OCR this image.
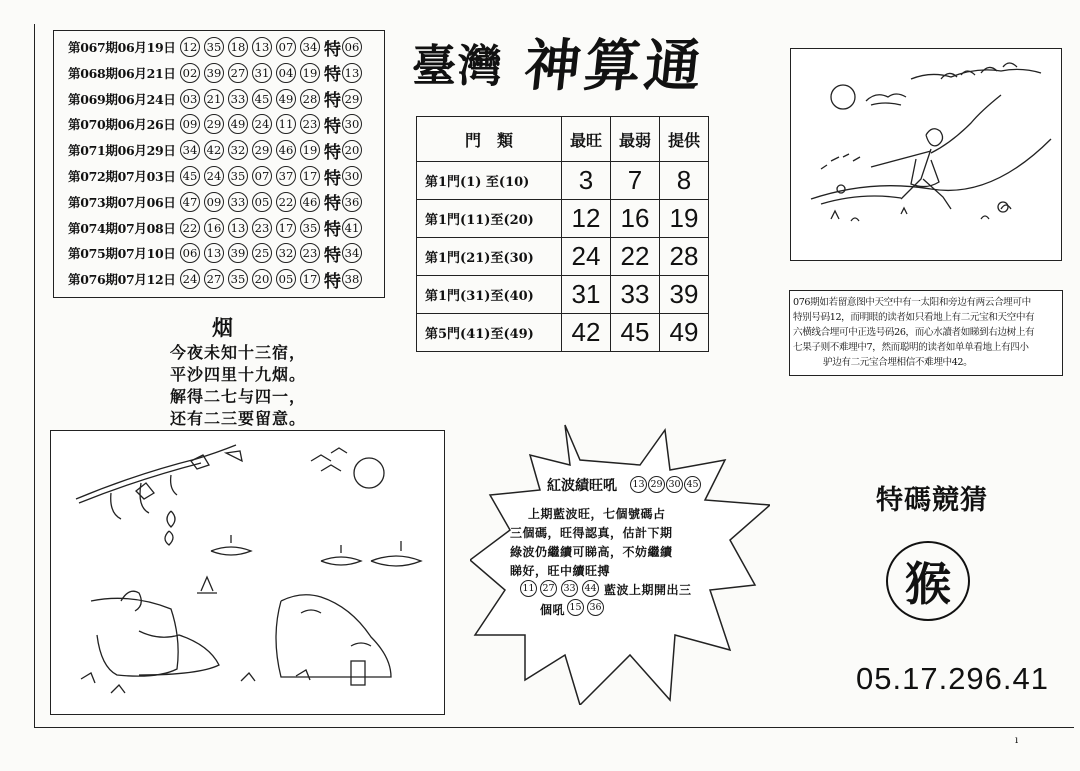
第067期06月19日 12 35 18 13 07 34 特 06
第068期06月21日 02 39 27 31 04 19 特 13
第069期06月24日 03 21 33 45 49 28 特 29
第070期06月26日 09 29 49 24 11 23 特 30
第071期06月29日 34 42 32 29 46 19 特 20
第072期07月03日 45 24 35 07 37 17 特 30
第073期07月06日 47 09 33 05 22 46 特 36
第074期07月08日 22 16 13 23 17 35 特 41
第075期07月10日 06 13 39 25 32 23 特 34
第076期07月12日 24 27 35 20 05 17 特 38
臺灣 神算通
門　類	最旺	最弱	提供
第1門(1) 至(10)	3	7	8
第1門(11)至(20)	12	16	19
第1門(21)至(30)	24	22	28
第1門(31)至(40)	31	33	39
第5門(41)至(49)	42	45	49
烟
今夜未知十三宿，
平沙四里十九烟。
解得二七与四一，
还有二三要留意。
076期如若留意图中天空中有一太阳和旁边有两云合埋可中
特别号码12，而明眼的读者如只看地上有二元宝和天空中有
六横线合埋可中正选号码26，而心水讀者如睇到右边树上有
七果子则不难埋中7，然而聪明的读者如单单看地上有四小
驴边有二元宝合埋相信不难埋中42。
紅波績旺吼 13 29 30 45
上期藍波旺，七個號碼占
三個碼，旺得認真，估計下期
綠波仍繼續可睇高，不妨繼續
睇好，旺中續旺搏
11 27 33 44 藍波上期開出三
個吼 15 36
特碼競猜
猴
05.17.296.41
ı
